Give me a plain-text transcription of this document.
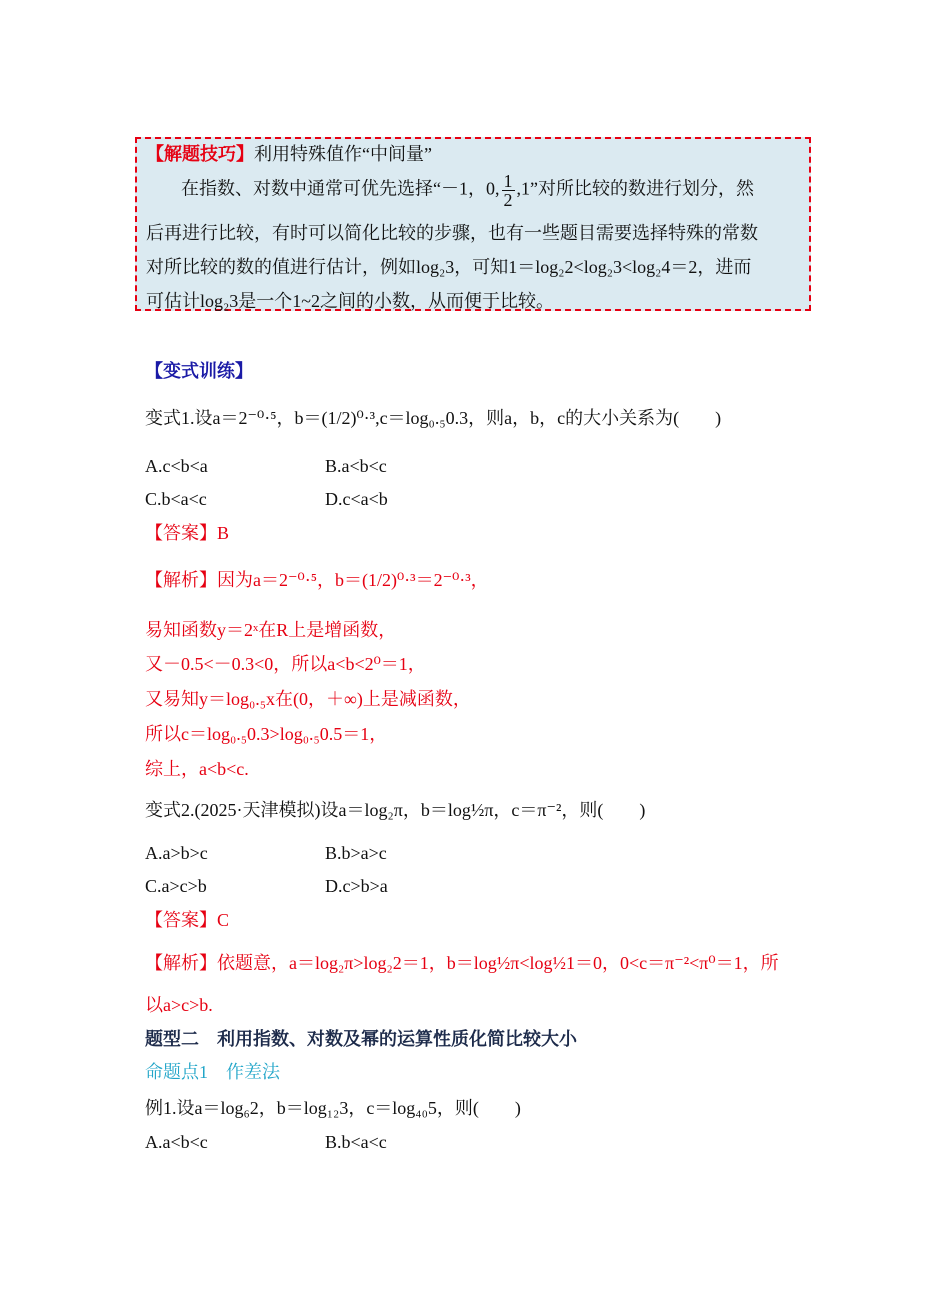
【解题技巧】利用特殊值作“中间量”
在指数、对数中通常可优先选择“－1，0, $\frac{1}{2} ,1$”对所比较的数进行划分，然
后再进行比较，有时可以简化比较的步骤，也有一些题目需要选择特殊的常数
对所比较的数的值进行估计，例如log₂3，可知1＝log₂2<log₂3<log₂4＝2，进而
可估计log₂3是一个1~2之间的小数，从而便于比较。
【变式训练】
变式1.设a＝2⁻⁰·⁵，b＝(1/2)⁰·³,c＝log₀.₅0.3，则a，b，c的大小关系为(　　)
A.c<b<a	B.a<b<c
C.b<a<c	D.c<a<b
【答案】B
【解析】因为a＝2⁻⁰·⁵，b＝(1/2)⁰·³＝2⁻⁰·³，
易知函数y＝2ˣ在R上是增函数，
又－0.5<－0.3<0，所以a<b<2⁰＝1，
又易知y＝log₀.₅x在(0，＋∞)上是减函数，
所以c＝log₀.₅0.3>log₀.₅0.5＝1，
综上，a<b<c.
变式2.(2025·天津模拟)设a＝log₂π，b＝log½π，c＝π⁻²，则(　　)
A.a>b>c	B.b>a>c
C.a>c>b	D.c>b>a
【答案】C
【解析】依题意，a＝log₂π>log₂2＝1，b＝log½π<log½1＝0，0<c＝π⁻²<π⁰＝1，所
以a>c>b.
题型二　利用指数、对数及幂的运算性质化简比较大小
命题点1　作差法
例1.设a＝log₆2，b＝log₁₂3，c＝log₄₀5，则(　　)
A.a<b<c	B.b<a<c
